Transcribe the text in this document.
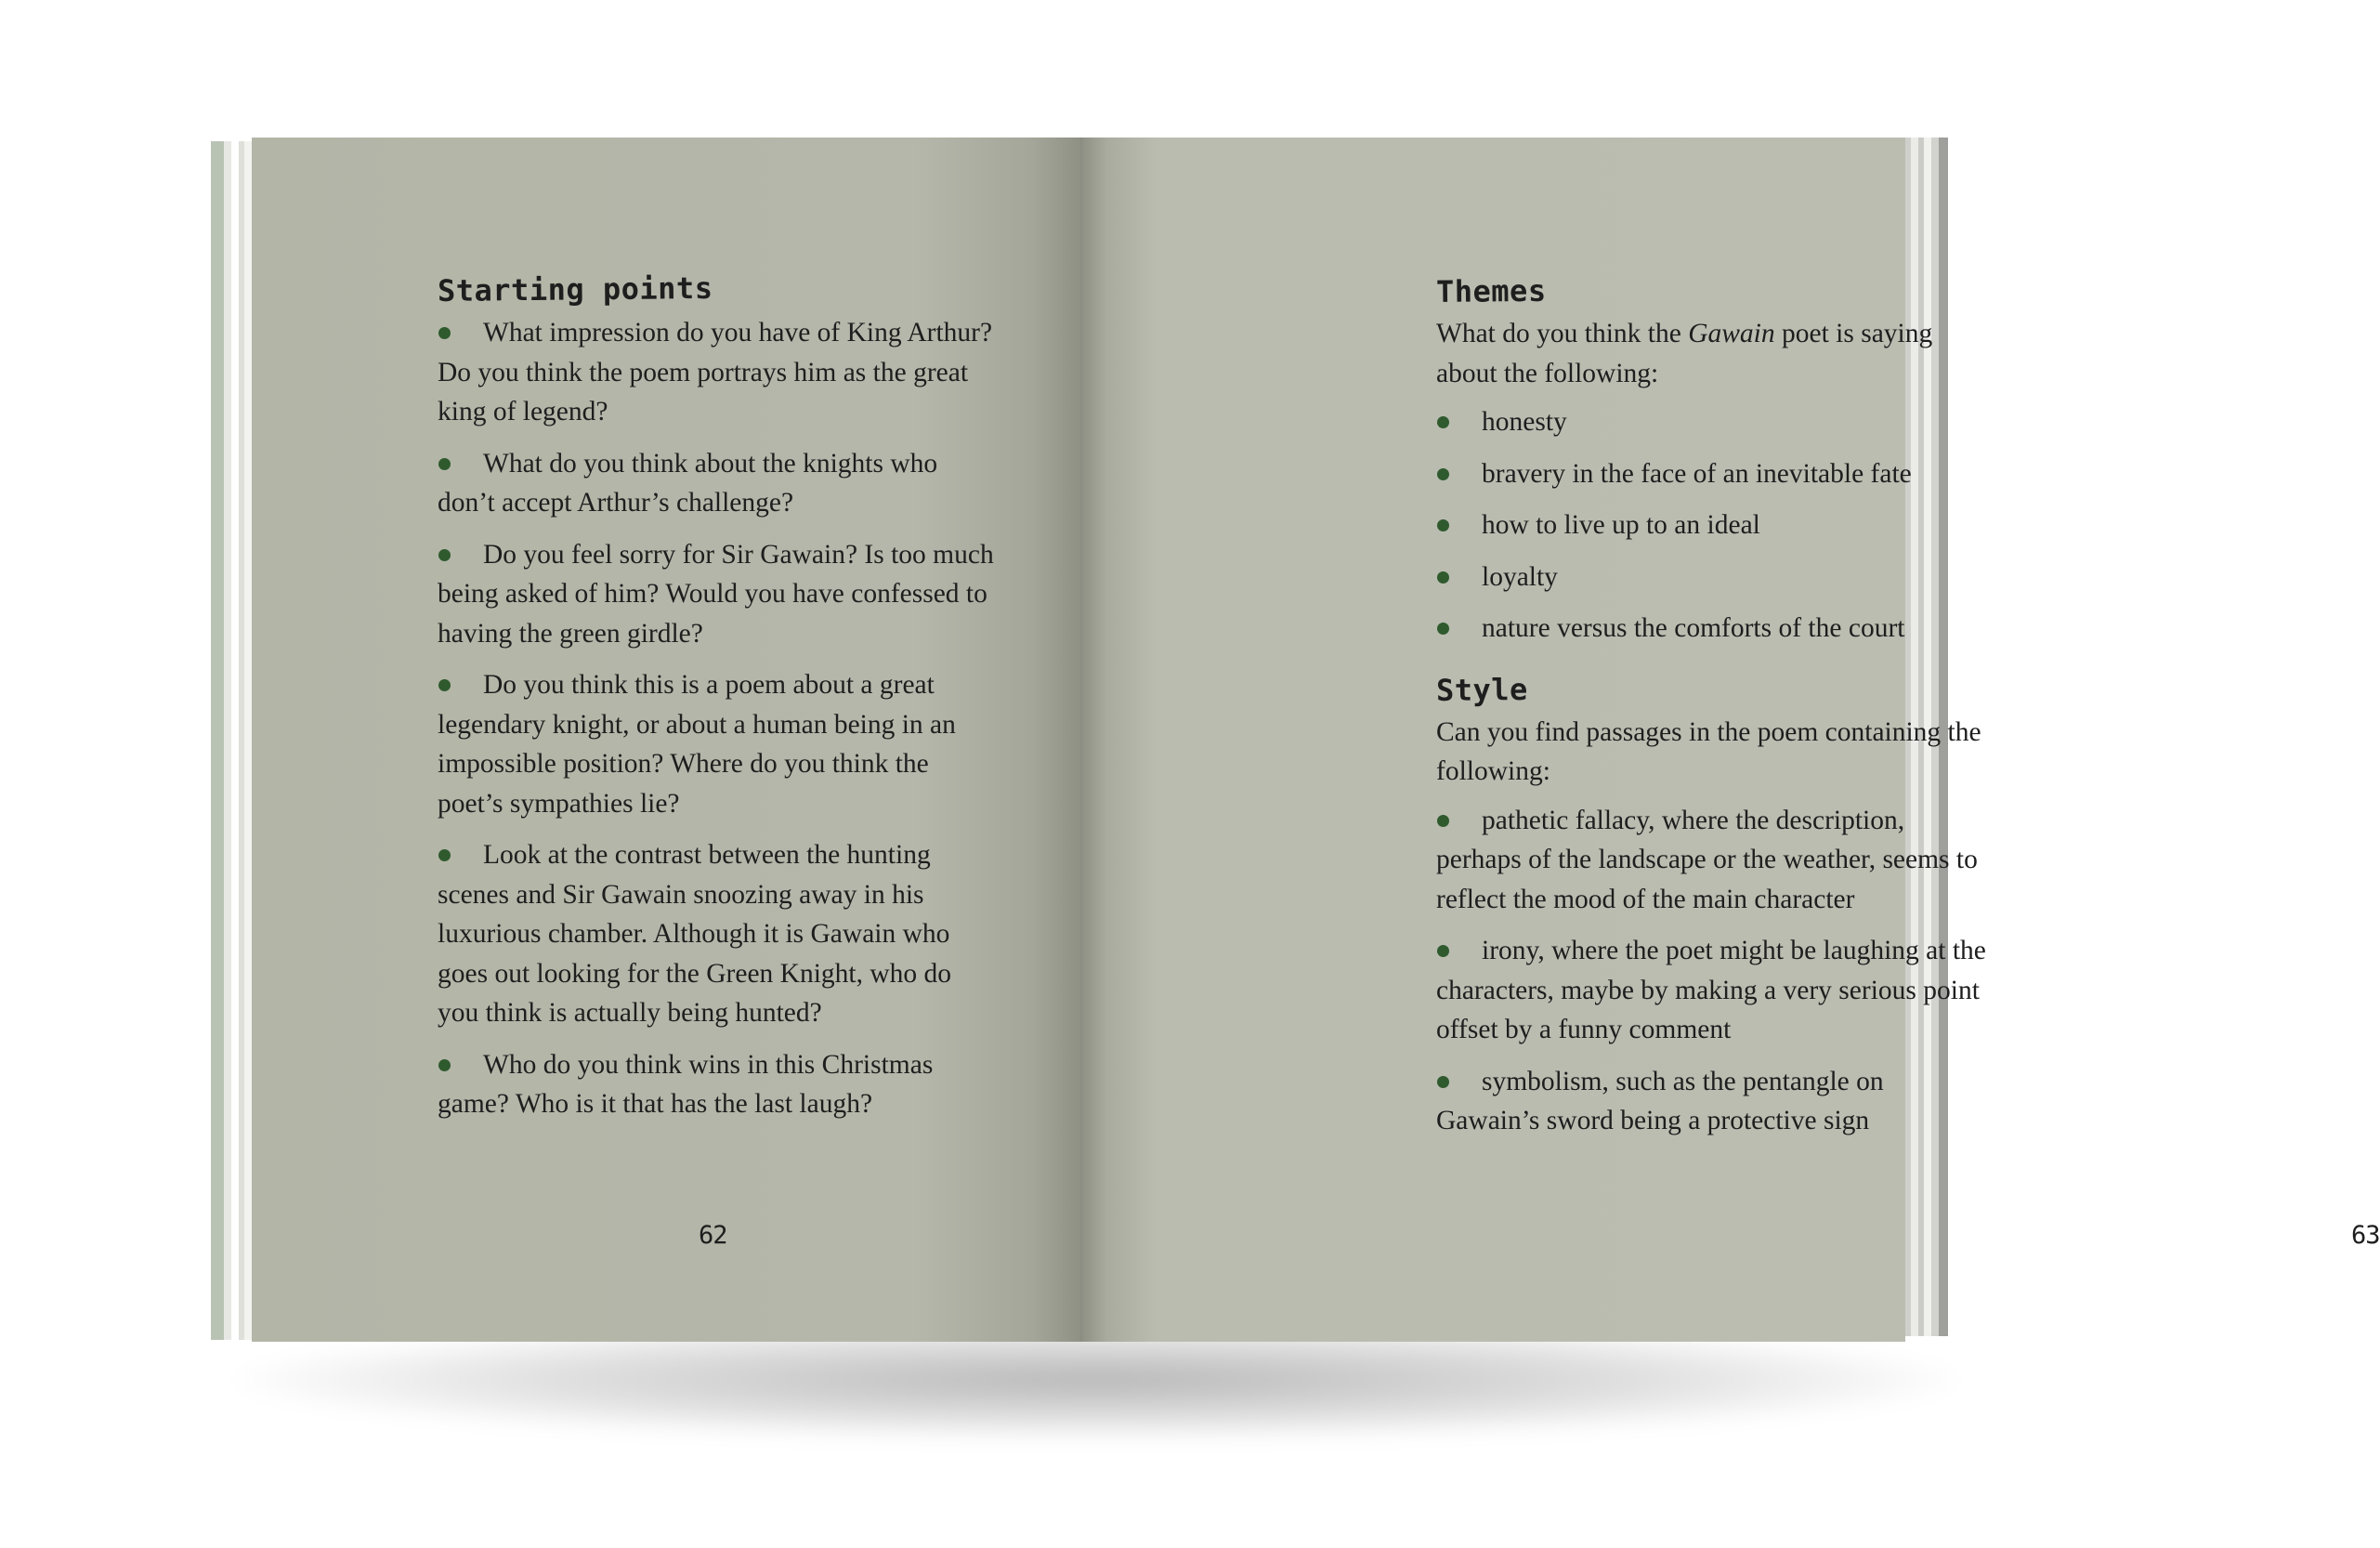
Starting points

What impression do you have of King Arthur? Do you think the poem portrays him as the great king of legend?

What do you think about the knights who don’t accept Arthur’s challenge?

Do you feel sorry for Sir Gawain? Is too much being asked of him? Would you have confessed to having the green girdle?

Do you think this is a poem about a great legendary knight, or about a human being in an impossible position? Where do you think the poet’s sympathies lie?

Look at the contrast between the hunting scenes and Sir Gawain snoozing away in his luxurious chamber. Although it is Gawain who goes out looking for the Green Knight, who do you think is actually being hunted?

Who do you think wins in this Christmas game? Who is it that has the last laugh?

62
Themes

What do you think the Gawain poet is saying about the following:

honesty

bravery in the face of an inevitable fate

how to live up to an ideal

loyalty

nature versus the comforts of the court

Style

Can you find passages in the poem containing the following:

pathetic fallacy, where the description, perhaps of the landscape or the weather, seems to reflect the mood of the main character

irony, where the poet might be laughing at the characters, maybe by making a very serious point offset by a funny comment

symbolism, such as the pentangle on Gawain’s sword being a protective sign

63
